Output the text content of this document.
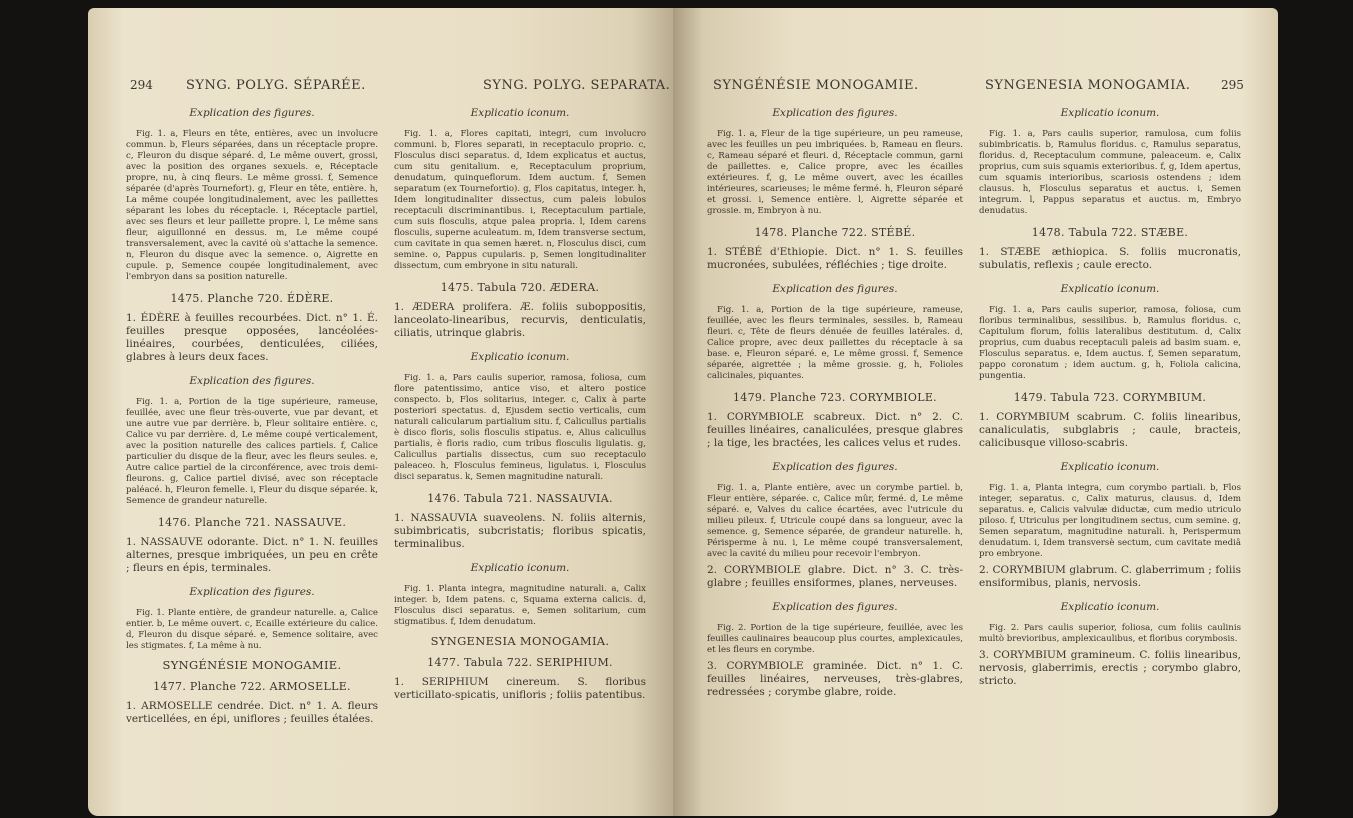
294	SYNG. POLYG. SÉPARÉE.	SYNG. POLYG. SEPARATA.
Explication des figures.

Fig. 1. a, Fleurs en tête, entières, avec un involucre commun. b, Fleurs séparées, dans un réceptacle propre. c, Fleuron du disque séparé. d, Le même ouvert, grossi, avec la position des organes sexuels. e, Réceptacle propre, nu, à cinq fleurs. Le même grossi. f, Semence séparée (d'après Tournefort). g, Fleur en tête, entière. h, La même coupée longitudinalement, avec les paillettes séparant les lobes du réceptacle. i, Réceptacle partiel, avec ses fleurs et leur paillette propre. l, Le même sans fleur, aiguillonné en dessus. m, Le même coupé transversalement, avec la cavité où s'attache la semence. n, Fleuron du disque avec la semence. o, Aigrette en cupule. p, Semence coupée longitudinalement, avec l'embryon dans sa position naturelle.

1475. Planche 720. ÉDÈRE.

1. ÉDÈRE à feuilles recourbées. Dict. n° 1. É. feuilles presque opposées, lancéolées-linéaires, courbées, denticulées, ciliées, glabres à leurs deux faces.

Explication des figures.

Fig. 1. a, Portion de la tige supérieure, rameuse, feuillée, avec une fleur très-ouverte, vue par devant, et une autre vue par derrière. b, Fleur solitaire entière. c, Calice vu par derrière. d, Le même coupé verticalement, avec la position naturelle des calices partiels. f, Calice particulier du disque de la fleur, avec les fleurs seules. e, Autre calice partiel de la circonférence, avec trois demi-fleurons. g, Calice partiel divisé, avec son réceptacle paléacé. h, Fleuron femelle. i, Fleur du disque séparée. k, Semence de grandeur naturelle.

1476. Planche 721. NASSAUVE.

1. NASSAUVE odorante. Dict. n° 1. N. feuilles alternes, presque imbriquées, un peu en crête ; fleurs en épis, terminales.

Explication des figures.

Fig. 1. Plante entière, de grandeur naturelle. a, Calice entier. b, Le même ouvert. c, Ecaille extérieure du calice. d, Fleuron du disque séparé. e, Semence solitaire, avec les stigmates. f, La même à nu.

SYNGÉNÉSIE MONOGAMIE.
1477. Planche 722. ARMOSELLE.

1. ARMOSELLE cendrée. Dict. n° 1. A. fleurs verticellées, en épi, uniflores ; feuilles étalées.

Explicatio iconum.

Fig. 1. a, Flores capitati, integri, cum involucro communi. b, Flores separati, in receptaculo proprio. c, Flosculus disci separatus. d, Idem explicatus et auctus, cum situ genitalium. e, Receptaculum proprium, denudatum, quinqueflorum. Idem auctum. f, Semen separatum (ex Tournefortio). g, Flos capitatus, integer. h, Idem longitudinaliter dissectus, cum paleis lobulos receptaculi discriminantibus. i, Receptaculum partiale, cum suis flosculis, atque palea propria. l, Idem carens flosculis, superne aculeatum. m, Idem transverse sectum, cum cavitate in qua semen hæret. n, Flosculus disci, cum semine. o, Pappus cupularis. p, Semen longitudinaliter dissectum, cum embryone in situ naturali.

1475. Tabula 720. ÆDERA.

1. ÆDERA prolifera. Æ. foliis suboppositis, lanceolato-linearibus, recurvis, denticulatis, ciliatis, utrinque glabris.

Explicatio iconum.

Fig. 1. a, Pars caulis superior, ramosa, foliosa, cum flore patentissimo, antice viso, et altero postice conspecto. b, Flos solitarius, integer. c, Calix à parte posteriori spectatus. d, Ejusdem sectio verticalis, cum naturali calicularum partialium situ. f, Calicullus partialis è disco floris, solis flosculis stipatus. e, Alius calicullus partialis, è floris radio, cum tribus flosculis ligulatis. g, Calicullus partialis dissectus, cum suo receptaculo paleaceo. h, Flosculus femineus, ligulatus. i, Flosculus disci separatus. k, Semen magnitudine naturali.

1476. Tabula 721. NASSAUVIA.

1. NASSAUVIA suaveolens. N. foliis alternis, subimbricatis, subcristatis; floribus spicatis, terminalibus.

Explicatio iconum.

Fig. 1. Planta integra, magnitudine naturali. a, Calix integer. b, Idem patens. c, Squama externa calicis. d, Flosculus disci separatus. e, Semen solitarium, cum stigmatibus. f, Idem denudatum.

SYNGENESIA MONOGAMIA.
1477. Tabula 722. SERIPHIUM.

1. SERIPHIUM cinereum. S. floribus verticillato-spicatis, unifloris ; foliis patentibus.

SYNGÉNÉSIE MONOGAMIE.	SYNGENESIA MONOGAMIA.	295
Explication des figures.

Fig. 1. a, Fleur de la tige supérieure, un peu rameuse, avec les feuilles un peu imbriquées. b, Rameau en fleurs. c, Rameau séparé et fleuri. d, Réceptacle commun, garni de paillettes. e, Calice propre, avec les écailles extérieures. f, g, Le même ouvert, avec les écailles intérieures, scarieuses; le même fermé. h, Fleuron séparé et grossi. i, Semence entière. l, Aigrette séparée et grossie. m, Embryon à nu.

1478. Planche 722. STÉBÉ.

1. STÉBÉ d'Ethiopie. Dict. n° 1. S. feuilles mucronées, subulées, réfléchies ; tige droite.

Explication des figures.

Fig. 1. a, Portion de la tige supérieure, rameuse, feuillée, avec les fleurs terminales, sessiles. b, Rameau fleuri. c, Tête de fleurs dénuée de feuilles latérales. d, Calice propre, avec deux paillettes du réceptacle à sa base. e, Fleuron séparé. e, Le même grossi. f, Semence séparée, aigrettée ; la même grossie. g, h, Folioles calicinales, piquantes.

1479. Planche 723. CORYMBIOLE.

1. CORYMBIOLE scabreux. Dict. n° 2. C. feuilles linéaires, canaliculées, presque glabres ; la tige, les bractées, les calices velus et rudes.

Explication des figures.

Fig. 1. a, Plante entière, avec un corymbe partiel. b, Fleur entière, séparée. c, Calice mûr, fermé. d, Le même séparé. e, Valves du calice écartées, avec l'utricule du milieu pileux. f, Utricule coupé dans sa longueur, avec la semence. g, Semence séparée, de grandeur naturelle. h, Périsperme à nu. i, Le même coupé transversalement, avec la cavité du milieu pour recevoir l'embryon.

2. CORYMBIOLE glabre. Dict. n° 3. C. très-glabre ; feuilles ensiformes, planes, nerveuses.

Explication des figures.

Fig. 2. Portion de la tige supérieure, feuillée, avec les feuilles caulinaires beaucoup plus courtes, amplexicaules, et les fleurs en corymbe.

3. CORYMBIOLE graminée. Dict. n° 1. C. feuilles linéaires, nerveuses, très-glabres, redressées ; corymbe glabre, roide.

Explicatio iconum.

Fig. 1. a, Pars caulis superior, ramulosa, cum foliis subimbricatis. b, Ramulus floridus. c, Ramulus separatus, floridus. d, Receptaculum commune, paleaceum. e, Calix proprius, cum suis squamis exterioribus. f, g, Idem apertus, cum squamis interioribus, scariosis ostendens ; idem clausus. h, Flosculus separatus et auctus. i, Semen integrum. l, Pappus separatus et auctus. m, Embryo denudatus.

1478. Tabula 722. STÆBE.

1. STÆBE æthiopica. S. foliis mucronatis, subulatis, reflexis ; caule erecto.

Explicatio iconum.

Fig. 1. a, Pars caulis superior, ramosa, foliosa, cum floribus terminalibus, sessilibus. b, Ramulus floridus. c, Capitulum florum, foliis lateralibus destitutum. d, Calix proprius, cum duabus receptaculi paleis ad basim suam. e, Flosculus separatus. e, Idem auctus. f, Semen separatum, pappo coronatum ; idem auctum. g, h, Foliola calicina, pungentia.

1479. Tabula 723. CORYMBIUM.

1. CORYMBIUM scabrum. C. foliis linearibus, canaliculatis, subglabris ; caule, bracteis, calicibusque villoso-scabris.

Explicatio iconum.

Fig. 1. a, Planta integra, cum corymbo partiali. b, Flos integer, separatus. c, Calix maturus, clausus. d, Idem separatus. e, Calicis valvulæ diductæ, cum medio utriculo piloso. f, Utriculus per longitudinem sectus, cum semine. g, Semen separatum, magnitudine naturali. h, Perispermum denudatum. i, Idem transversè sectum, cum cavitate mediâ pro embryone.

2. CORYMBIUM glabrum. C. glaberrimum ; foliis ensiformibus, planis, nervosis.

Explicatio iconum.

Fig. 2. Pars caulis superior, foliosa, cum foliis caulinis multò brevioribus, amplexicaulibus, et floribus corymbosis.

3. CORYMBIUM gramineum. C. foliis linearibus, nervosis, glaberrimis, erectis ; corymbo glabro, stricto.
